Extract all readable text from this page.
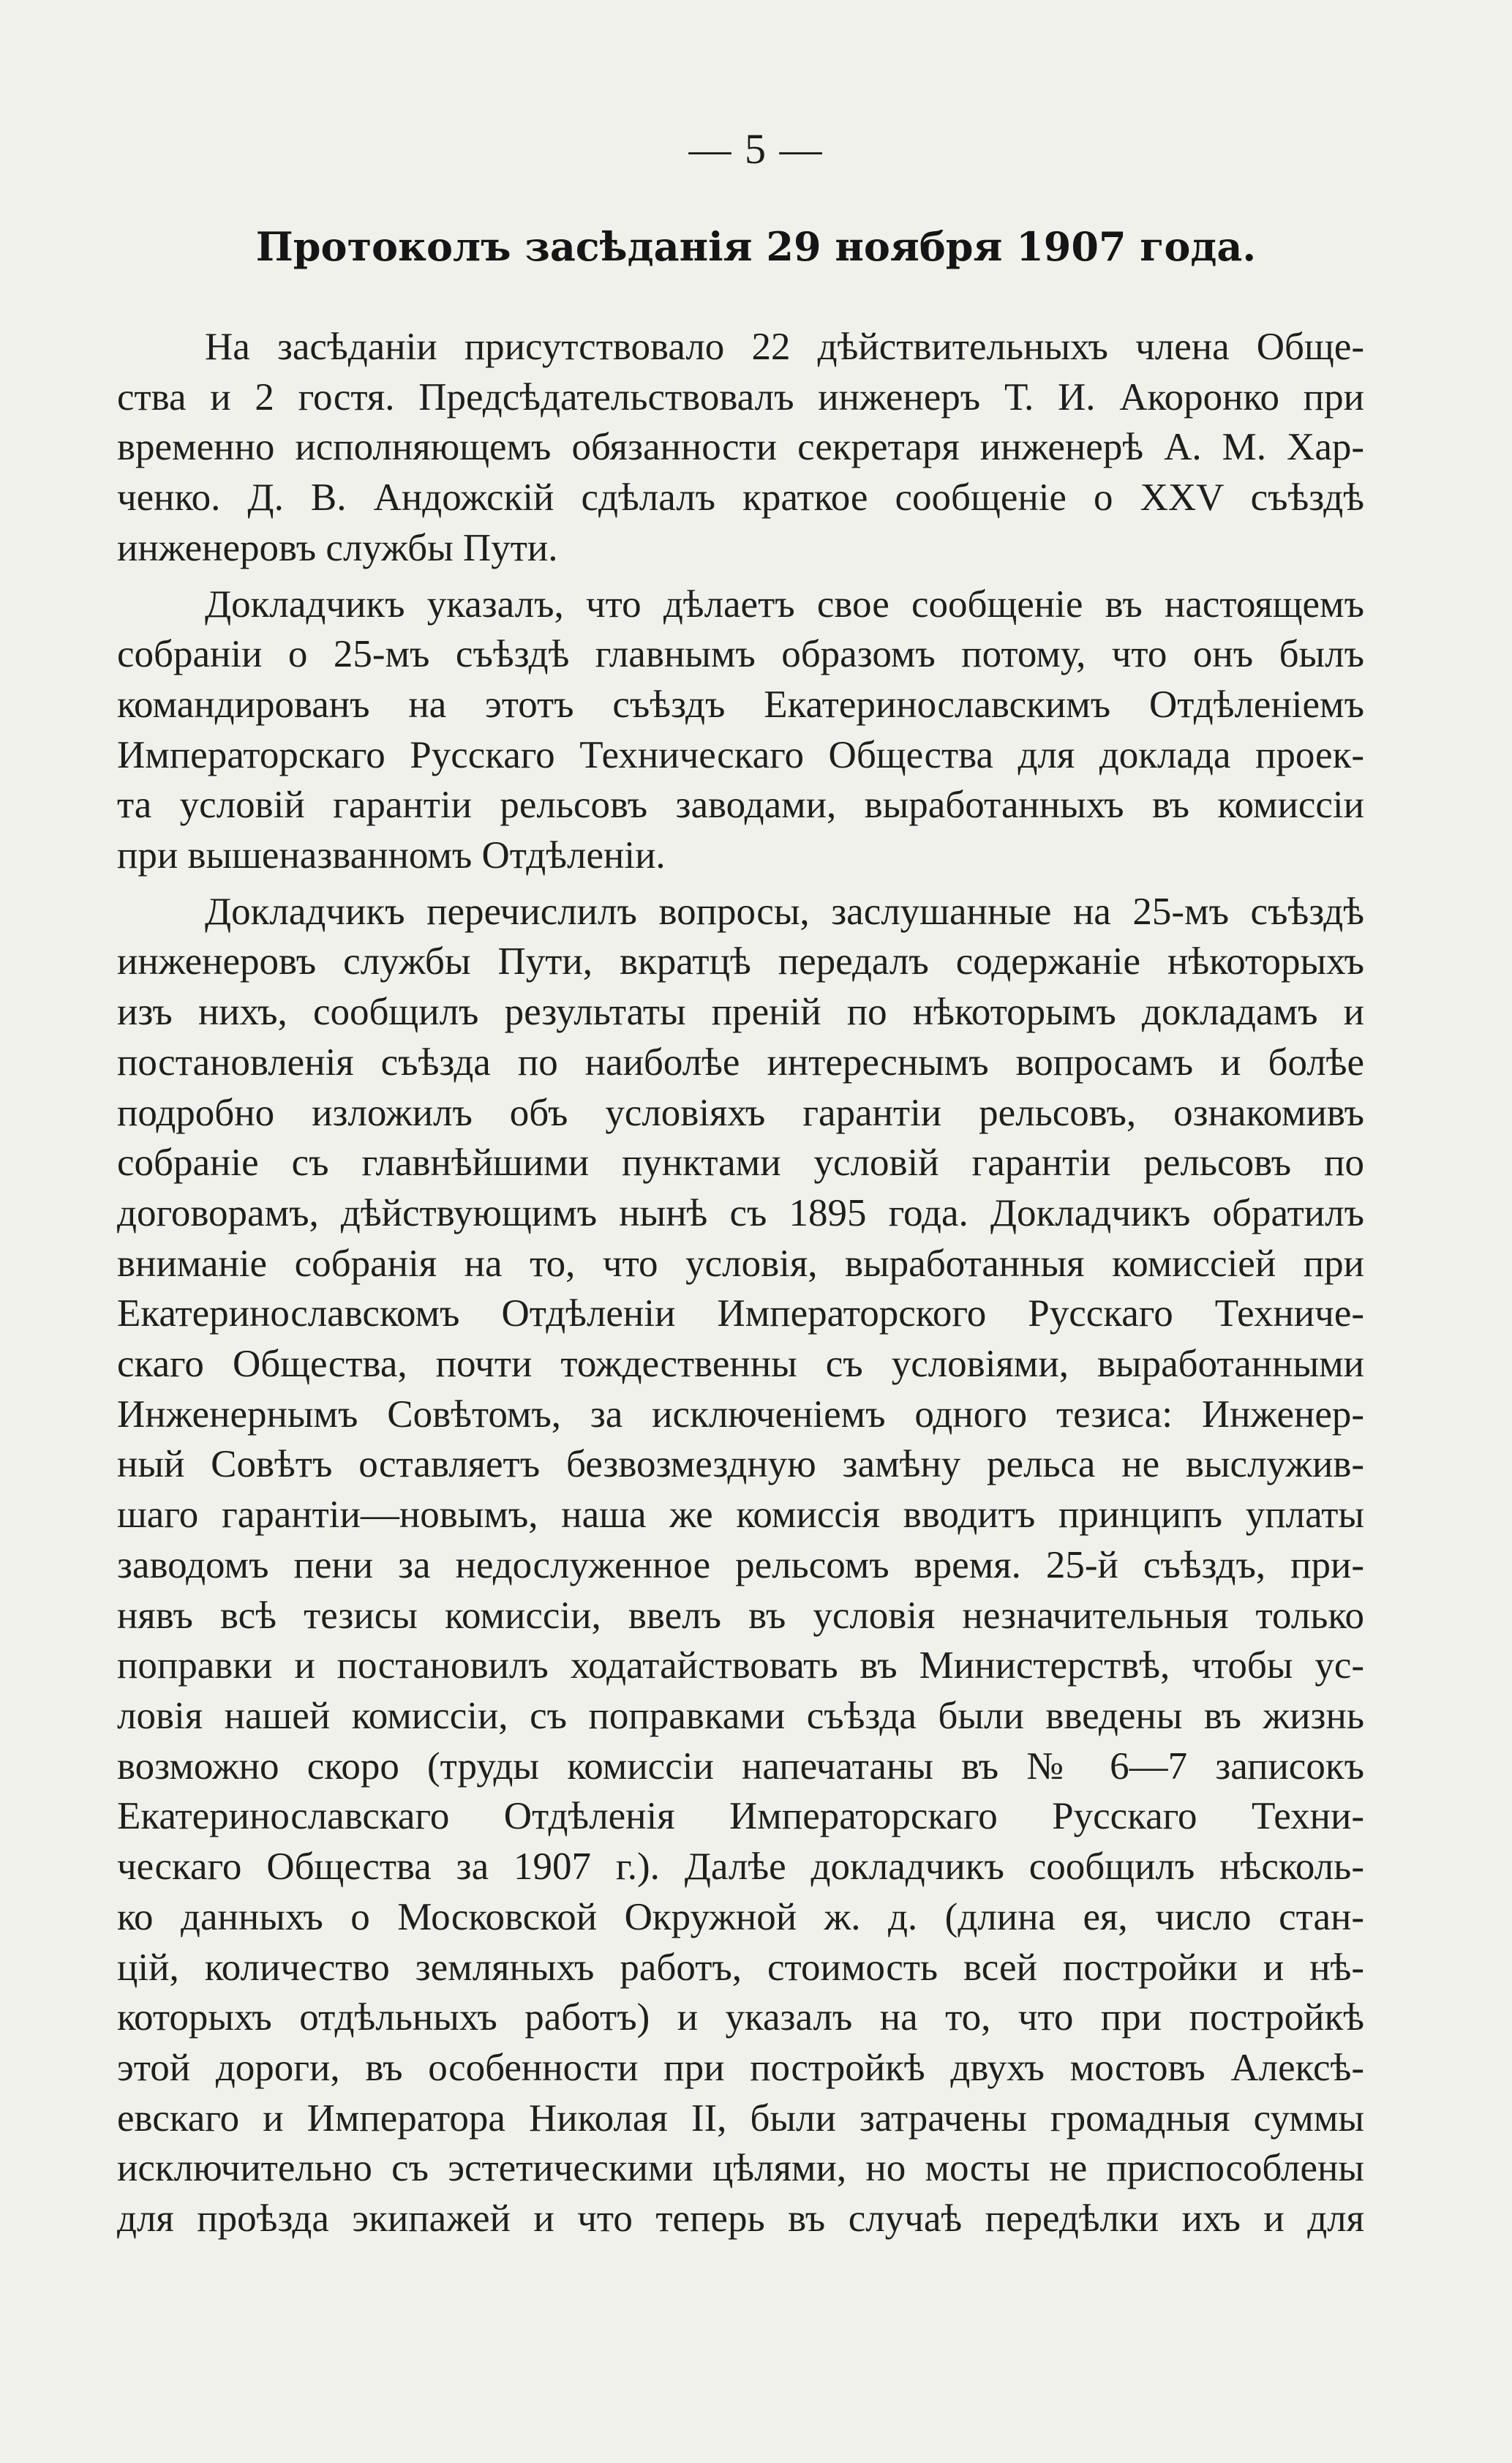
— 5 —
Протоколъ засѣданія 29 ноября 1907 года.

На засѣданіи присутствовало 22 дѣйствительныхъ члена Обще-
ства и 2 гостя. Предсѣдательствовалъ инженеръ Т. И. Акоронко при
временно исполняющемъ обязанности секретаря инженерѣ А. М. Хар-
ченко. Д. В. Андожскій сдѣлалъ краткое сообщеніе о XXV съѣздѣ
инженеровъ службы Пути.

Докладчикъ указалъ, что дѣлаетъ свое сообщеніе въ настоящемъ
собраніи о 25-мъ съѣздѣ главнымъ образомъ потому, что онъ былъ
командированъ на этотъ съѣздъ Екатеринославскимъ Отдѣленіемъ
Императорскаго Русскаго Техническаго Общества для доклада проек-
та условій гарантіи рельсовъ заводами, выработанныхъ въ комиссіи
при вышеназванномъ Отдѣленіи.

Докладчикъ перечислилъ вопросы, заслушанные на 25-мъ съѣздѣ
инженеровъ службы Пути, вкратцѣ передалъ содержаніе нѣкоторыхъ
изъ нихъ, сообщилъ результаты преній по нѣкоторымъ докладамъ и
постановленія съѣзда по наиболѣе интереснымъ вопросамъ и болѣе
подробно изложилъ объ условіяхъ гарантіи рельсовъ, ознакомивъ
собраніе съ главнѣйшими пунктами условій гарантіи рельсовъ по
договорамъ, дѣйствующимъ нынѣ съ 1895 года. Докладчикъ обратилъ
вниманіе собранія на то, что условія, выработанныя комиссіей при
Екатеринославскомъ Отдѣленіи Императорского Русскаго Техниче-
скаго Общества, почти тождественны съ условіями, выработанными
Инженернымъ Совѣтомъ, за исключеніемъ одного тезиса: Инженер-
ный Совѣтъ оставляетъ безвозмездную замѣну рельса не выслужив-
шаго гарантіи—новымъ, наша же комиссія вводитъ принципъ уплаты
заводомъ пени за недослуженное рельсомъ время. 25-й съѣздъ, при-
нявъ всѣ тезисы комиссіи, ввелъ въ условія незначительныя только
поправки и постановилъ ходатайствовать въ Министерствѣ, чтобы ус-
ловія нашей комиссіи, съ поправками съѣзда были введены въ жизнь
возможно скоро (труды комиссіи напечатаны въ № 6—7 записокъ
Екатеринославскаго Отдѣленія Императорскаго Русскаго Техни-
ческаго Общества за 1907 г.). Далѣе докладчикъ сообщилъ нѣсколь-
ко данныхъ о Московской Окружной ж. д. (длина ея, число стан-
цій, количество земляныхъ работъ, стоимость всей постройки и нѣ-
которыхъ отдѣльныхъ работъ) и указалъ на то, что при постройкѣ
этой дороги, въ особенности при постройкѣ двухъ мостовъ Алексѣ-
евскаго и Императора Николая II, были затрачены громадныя суммы
исключительно съ эстетическими цѣлями, но мосты не приспособлены
для проѣзда экипажей и что теперь въ случаѣ передѣлки ихъ и для
